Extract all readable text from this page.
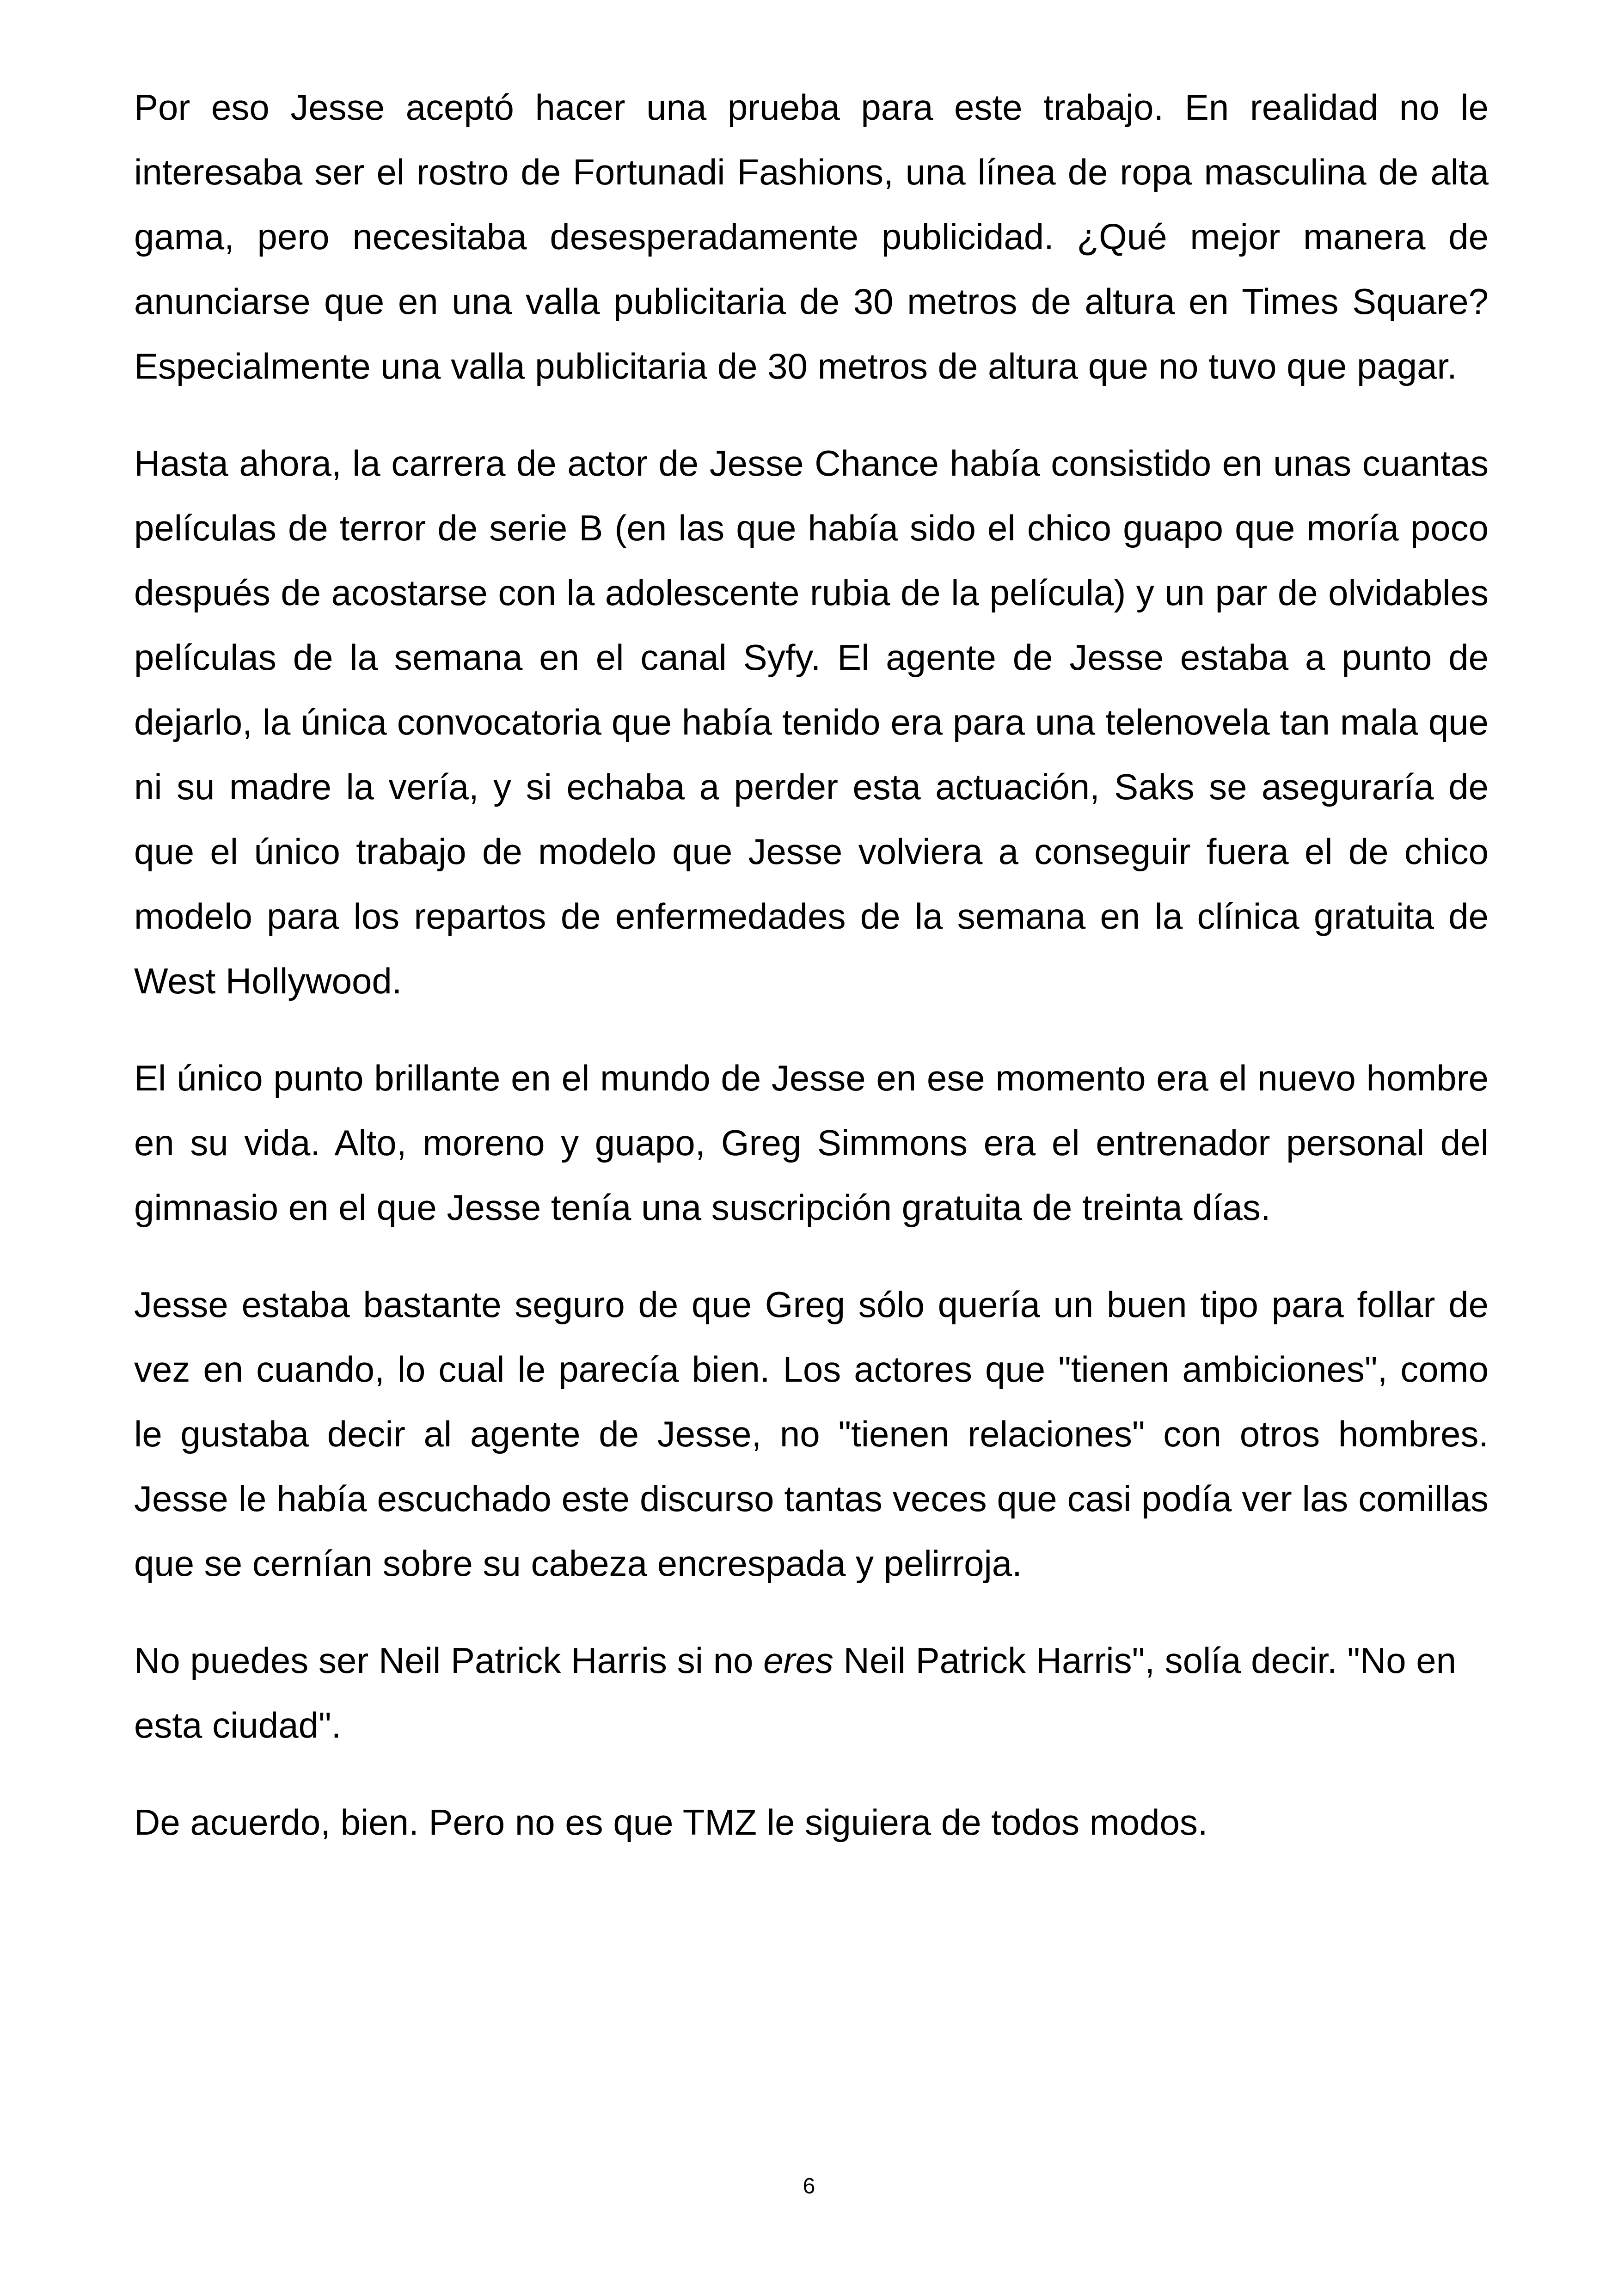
Por eso Jesse aceptó hacer una prueba para este trabajo. En realidad no le interesaba ser el rostro de Fortunadi Fashions, una línea de ropa masculina de alta gama, pero necesitaba desesperadamente publicidad. ¿Qué mejor manera de anunciarse que en una valla publicitaria de 30 metros de altura en Times Square? Especialmente una valla publicitaria de 30 metros de altura que no tuvo que pagar.

Hasta ahora, la carrera de actor de Jesse Chance había consistido en unas cuantas películas de terror de serie B (en las que había sido el chico guapo que moría poco después de acostarse con la adolescente rubia de la película) y un par de olvidables películas de la semana en el canal Syfy. El agente de Jesse estaba a punto de dejarlo, la única convocatoria que había tenido era para una telenovela tan mala que ni su madre la vería, y si echaba a perder esta actuación, Saks se aseguraría de que el único trabajo de modelo que Jesse volviera a conseguir fuera el de chico modelo para los repartos de enfermedades de la semana en la clínica gratuita de West Hollywood.

El único punto brillante en el mundo de Jesse en ese momento era el nuevo hombre en su vida. Alto, moreno y guapo, Greg Simmons era el entrenador personal del gimnasio en el que Jesse tenía una suscripción gratuita de treinta días.

Jesse estaba bastante seguro de que Greg sólo quería un buen tipo para follar de vez en cuando, lo cual le parecía bien. Los actores que "tienen ambiciones", como le gustaba decir al agente de Jesse, no "tienen relaciones" con otros hombres. Jesse le había escuchado este discurso tantas veces que casi podía ver las comillas que se cernían sobre su cabeza encrespada y pelirroja.

No puedes ser Neil Patrick Harris si no eres Neil Patrick Harris", solía decir. "No en esta ciudad".

De acuerdo, bien. Pero no es que TMZ le siguiera de todos modos.

6
